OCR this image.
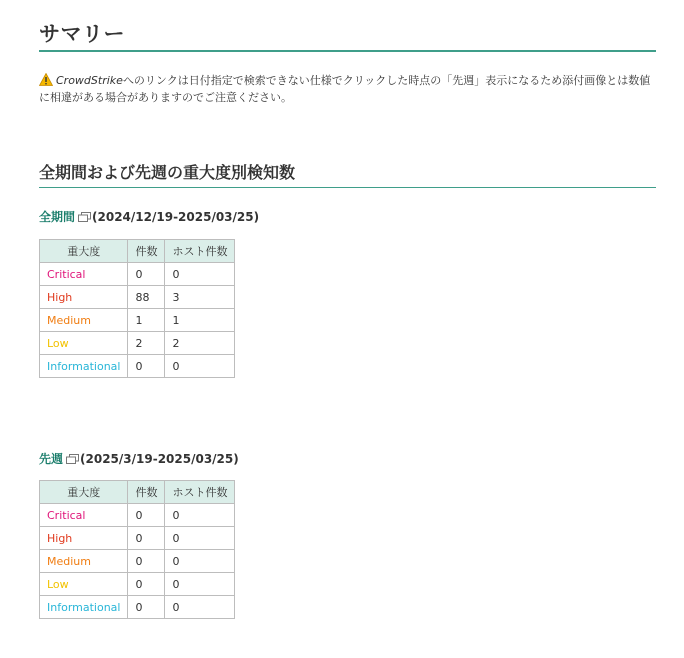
サマリー
CrowdStrikeへのリンクは日付指定で検索できない仕様でクリックした時点の「先週」表示になるため添付画像とは数値に相違がある場合がありますのでご注意ください。
全期間および先週の重大度別検知数
全期間 (2024/12/19-2025/03/25)
重大度	件数	ホスト件数
Critical	0	0
High	88	3
Medium	1	1
Low	2	2
Informational	0	0
先週 (2025/3/19-2025/03/25)
重大度	件数	ホスト件数
Critical	0	0
High	0	0
Medium	0	0
Low	0	0
Informational	0	0
